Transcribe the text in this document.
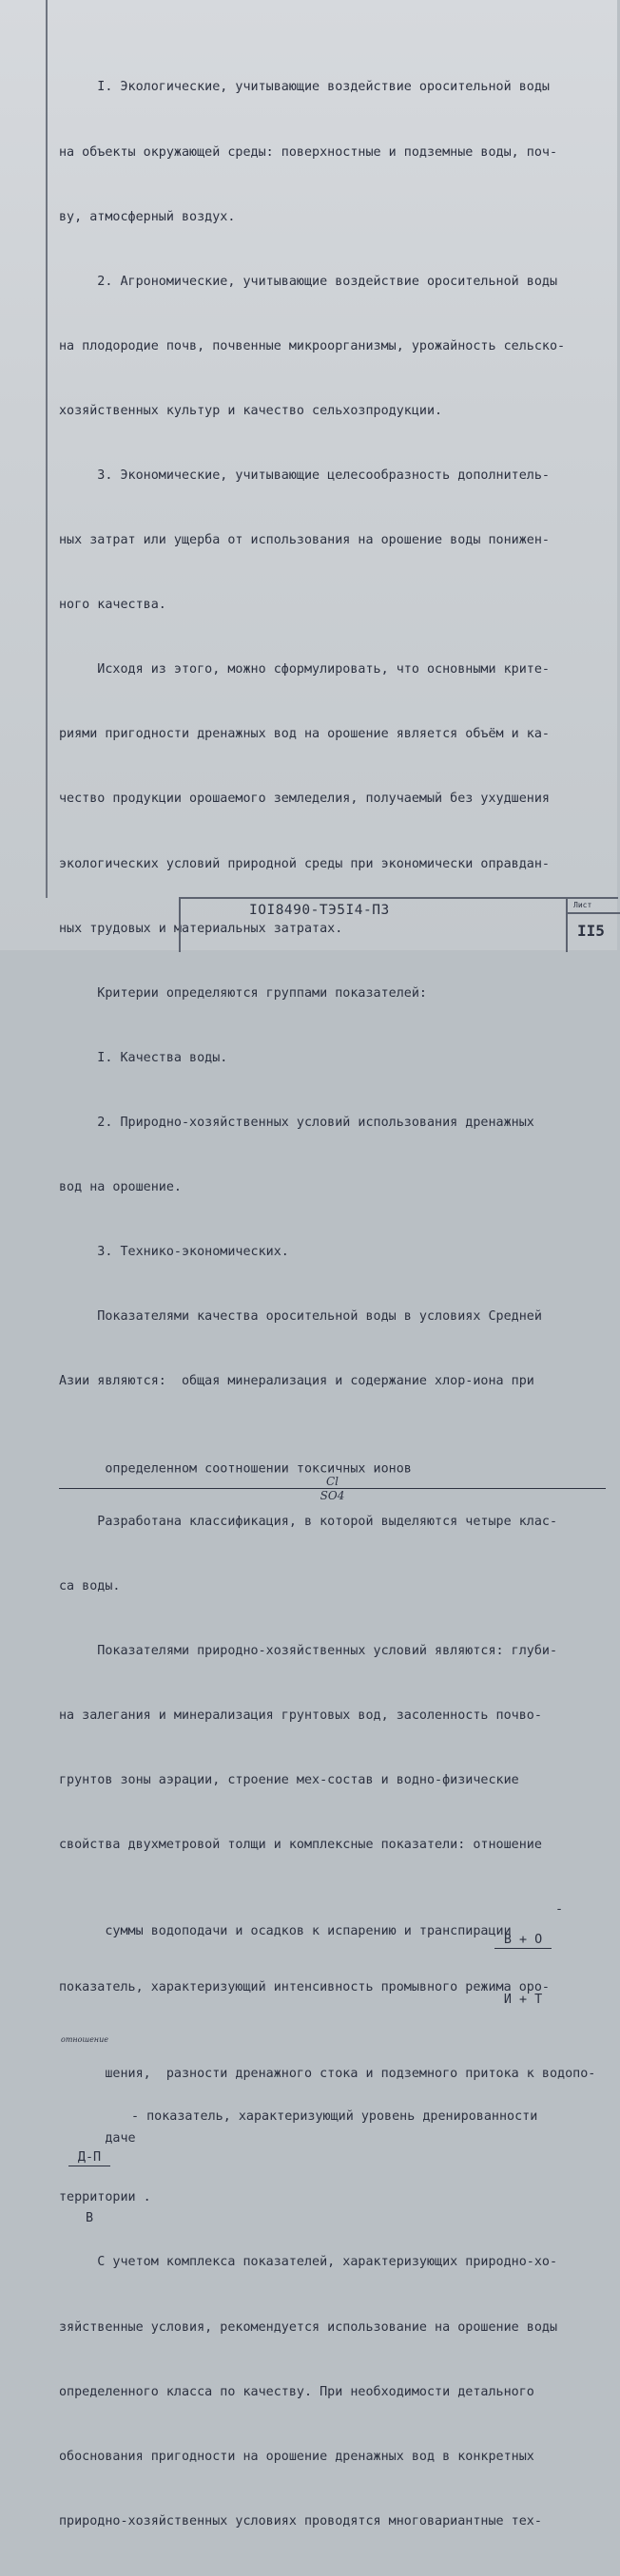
I. Экологические, учитывающие воздействие оросительной воды

на объекты окружающей среды: поверхностные и подземные воды, поч-

ву, атмосферный воздух.

2. Агрономические, учитывающие воздействие оросительной воды

на плодородие почв, почвенные микроорганизмы, урожайность сельско-

хозяйственных культур и качество сельхозпродукции.

3. Экономические, учитывающие целесообразность дополнитель-

ных затрат или ущерба от использования на орошение воды понижен-

ного качества.

Исходя из этого, можно сформулировать, что основными крите-

риями пригодности дренажных вод на орошение является объём и ка-

чество продукции орошаемого земледелия, получаемый без ухудшения

экологических условий природной среды при экономически оправдан-

ных трудовых и материальных затратах.

Критерии определяются группами показателей:

I. Качества воды.

2. Природно-хозяйственных условий использования дренажных

вод на орошение.

3. Технико-экономических.

Показателями качества оросительной воды в условиях Средней

Азии являются:  общая минерализация и содержание хлор-иона при

определенном соотношении токсичных ионов
Cl
SO4

Разработана классификация, в которой выделяются четыре клас-

са воды.

Показателями природно-хозяйственных условий являются: глуби-

на залегания и минерализация грунтовых вод, засоленность почво-

грунтов зоны аэрации, строение мех-состав и водно-физические

свойства двухметровой толщи и комплексные показатели: отношение

суммы водоподачи и осадков к испарению и транспирации

В + О

И + Т

-

показатель, характеризующий интенсивность промывного режима оро-

шения,  разности дренажного стока и подземного притока к водопо-

отношение

даче

Д-П

В

- показатель, характеризующий уровень дренированности

территории .

С учетом комплекса показателей, характеризующих природно-хо-

зяйственные условия, рекомендуется использование на орошение воды

определенного класса по качеству. При необходимости детального

обоснования пригодности на орошение дренажных вод в конкретных

природно-хозяйственных условиях проводятся многовариантные тех-

IOI8490-ТЭ5I4-ПЗ	Лист
II5
